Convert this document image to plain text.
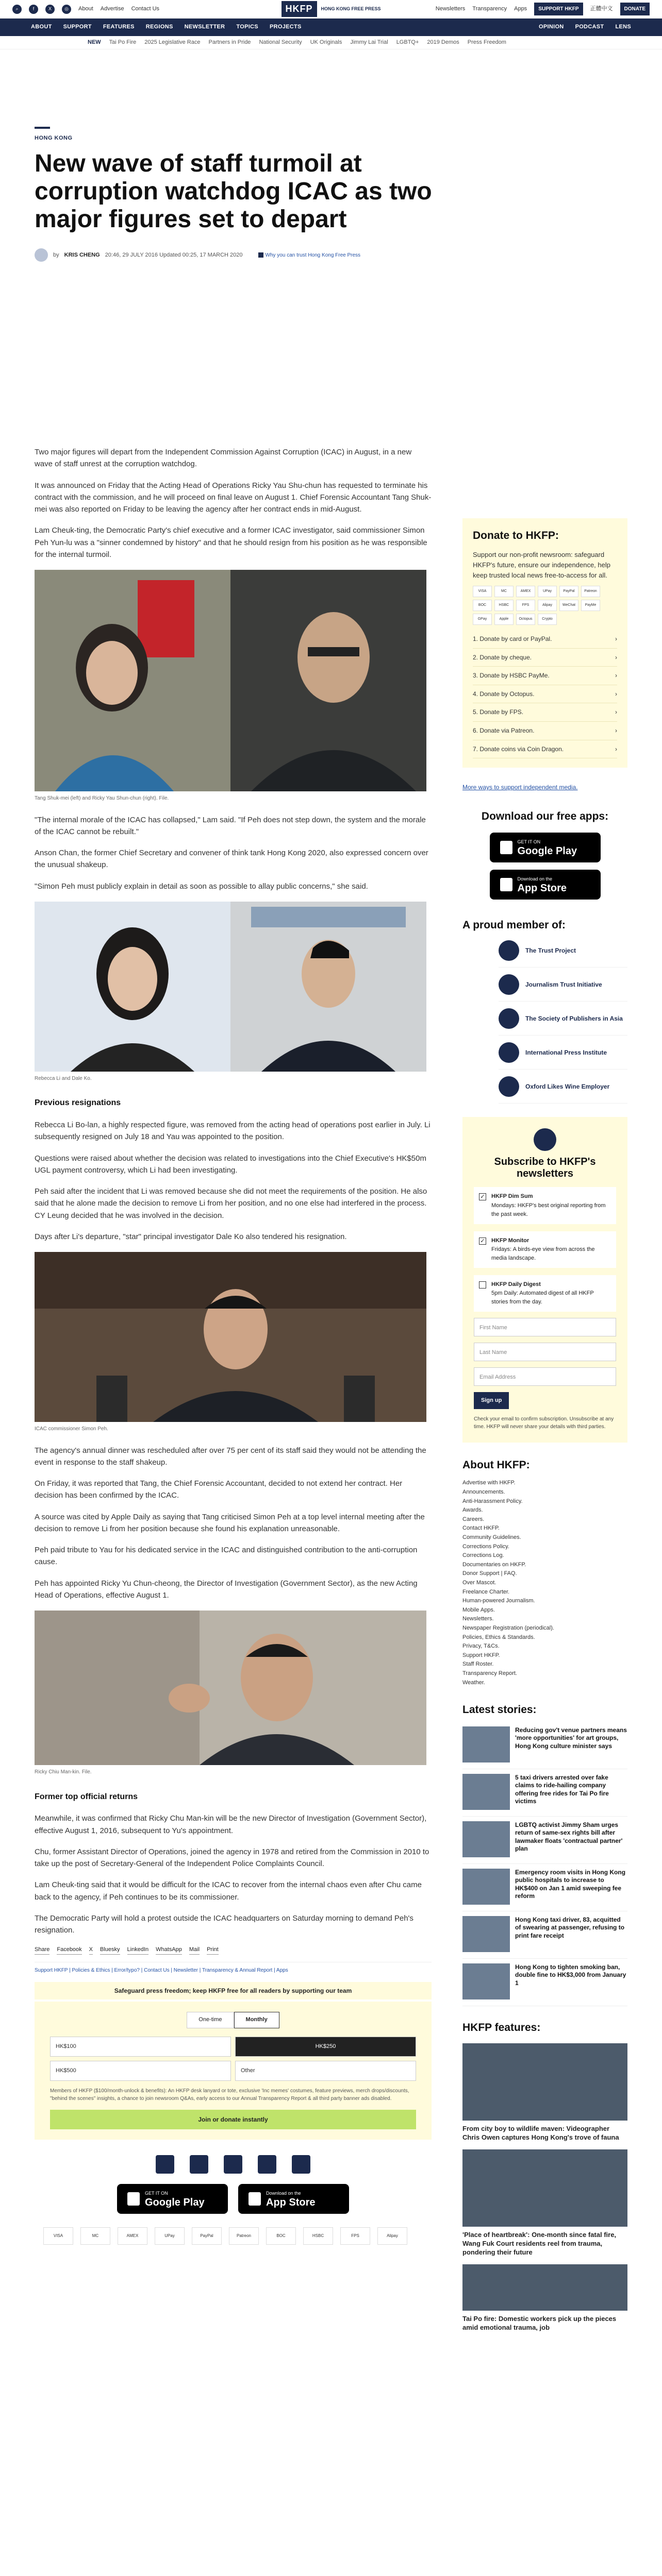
⌕	f	X	◎	About Advertise Contact Us	HKFP	HONG KONG FREE PRESS	Newsletters Transparency Apps	SUPPORT HKFP	正體中文	DONATE
ABOUT SUPPORT FEATURES REGIONS NEWSLETTER TOPICS PROJECTS	OPINION PODCAST LENS
NEW Tai Po Fire 2025 Legislative Race Partners in Pride National Security UK Originals Jimmy Lai Trial LGBTQ+ 2019 Demos Press Freedom
HONG KONG
New wave of staff turmoil at corruption watchdog ICAC as two major figures set to depart
by KRIS CHENG 20:46, 29 JULY 2016 Updated 00:25, 17 MARCH 2020	Why you can trust Hong Kong Free Press

Two major figures will depart from the Independent Commission Against Corruption (ICAC) in August, in a new wave of staff unrest at the corruption watchdog.

It was announced on Friday that the Acting Head of Operations Ricky Yau Shu-chun has requested to terminate his contract with the commission, and he will proceed on final leave on August 1. Chief Forensic Accountant Tang Shuk-mei was also reported on Friday to be leaving the agency after her contract ends in mid-August.

Lam Cheuk-ting, the Democratic Party's chief executive and a former ICAC investigator, said commissioner Simon Peh Yun-lu was a "sinner condemned by history" and that he should resign from his position as he was responsible for the internal turmoil.

Tang Shuk-mei (left) and Ricky Yau Shun-chun (right). File.

"The internal morale of the ICAC has collapsed," Lam said. "If Peh does not step down, the system and the morale of the ICAC cannot be rebuilt."

Anson Chan, the former Chief Secretary and convener of think tank Hong Kong 2020, also expressed concern over the unusual shakeup.

"Simon Peh must publicly explain in detail as soon as possible to allay public concerns," she said.

Rebecca Li and Dale Ko.
Previous resignations

Rebecca Li Bo-lan, a highly respected figure, was removed from the acting head of operations post earlier in July. Li subsequently resigned on July 18 and Yau was appointed to the position.

Questions were raised about whether the decision was related to investigations into the Chief Executive's HK$50m UGL payment controversy, which Li had been investigating.

Peh said after the incident that Li was removed because she did not meet the requirements of the position. He also said that he alone made the decision to remove Li from her position, and no one else had interfered in the process. CY Leung decided that he was involved in the decision.

Days after Li's departure, "star" principal investigator Dale Ko also tendered his resignation.

ICAC commissioner Simon Peh.

The agency's annual dinner was rescheduled after over 75 per cent of its staff said they would not be attending the event in response to the staff shakeup.

On Friday, it was reported that Tang, the Chief Forensic Accountant, decided to not extend her contract. Her decision has been confirmed by the ICAC.

A source was cited by Apple Daily as saying that Tang criticised Simon Peh at a top level internal meeting after the decision to remove Li from her position because she found his explanation unreasonable.

Peh paid tribute to Yau for his dedicated service in the ICAC and distinguished contribution to the anti-corruption cause.

Peh has appointed Ricky Yu Chun-cheong, the Director of Investigation (Government Sector), as the new Acting Head of Operations, effective August 1.

Ricky Chiu Man-kin. File.
Former top official returns

Meanwhile, it was confirmed that Ricky Chu Man-kin will be the new Director of Investigation (Government Sector), effective August 1, 2016, subsequent to Yu's appointment.

Chu, former Assistant Director of Operations, joined the agency in 1978 and retired from the Commission in 2010 to take up the post of Secretary-General of the Independent Police Complaints Council.

Lam Cheuk-ting said that it would be difficult for the ICAC to recover from the internal chaos even after Chu came back to the agency, if Peh continues to be its commissioner.

The Democratic Party will hold a protest outside the ICAC headquarters on Saturday morning to demand Peh's resignation.

Share Facebook X Bluesky LinkedIn WhatsApp Mail Print
Support HKFP | Policies & Ethics | Error/typo? | Contact Us | Newsletter | Transparency & Annual Report | Apps
Safeguard press freedom; keep HKFP free for all readers by supporting our team
One-time	Monthly
HK$100	HK$250
HK$500	Other
Members of HKFP ($100/month-unlock & benefits): An HKFP desk lanyard or tote, exclusive 'Inc memes' costumes, feature previews, merch drops/discounts, "behind the scenes" insights, a chance to join newsroom Q&As, early access to our Annual Transparency Report & all third party banner ads disabled.
Join or donate instantly
GET IT ON
Google Play
Download on the
App Store
VISA	MC	AMEX	UPay	PayPal	Patreon	BOC	HSBC	FPS	Alipay
Donate to HKFP:
Support our non-profit newsroom: safeguard HKFP's future, ensure our independence, help keep trusted local news free-to-access for all.
VISA	MC	AMEX	UPay	PayPal	Patreon
BOC	HSBC	FPS	Alipay	WeChat	PayMe
GPay	Apple	Octopus	Crypto
1. Donate by card or PayPal.	›
2. Donate by cheque.	›
3. Donate by HSBC PayMe.	›
4. Donate by Octopus.	›
5. Donate by FPS.	›
6. Donate via Patreon.	›
7. Donate coins via Coin Dragon.	›
More ways to support independent media.
Download our free apps:
GET IT ON
Google Play
Download on the
App Store
A proud member of:
The Trust Project
Journalism Trust Initiative
The Society of Publishers in Asia
International Press Institute
Oxford Likes Wine Employer
Subscribe to HKFP's newsletters
✓ HKFP Dim Sum
Mondays: HKFP's best original reporting from the past week.
✓ HKFP Monitor
Fridays: A birds-eye view from across the media landscape.
HKFP Daily Digest
5pm Daily: Automated digest of all HKFP stories from the day.
First Name
Last Name
Email Address
Sign up
Check your email to confirm subscription. Unsubscribe at any time. HKFP will never share your details with third parties.
About HKFP:
Advertise with HKFP.
Announcements.
Anti-Harassment Policy.
Awards.
Careers.
Contact HKFP.
Community Guidelines.
Corrections Policy.
Corrections Log.
Documentaries on HKFP.
Donor Support | FAQ.
Over Mascot.
Freelance Charter.
Human-powered Journalism.
Mobile Apps.
Newsletters.
Newspaper Registration (periodical).
Policies, Ethics & Standards.
Privacy, T&Cs.
Support HKFP.
Staff Roster.
Transparency Report.
Weather.
Latest stories:
Reducing gov't venue partners means 'more opportunities' for art groups, Hong Kong culture minister says
5 taxi drivers arrested over fake claims to ride-hailing company offering free rides for Tai Po fire victims
LGBTQ activist Jimmy Sham urges return of same-sex rights bill after lawmaker floats 'contractual partner' plan
Emergency room visits in Hong Kong public hospitals to increase to HK$400 on Jan 1 amid sweeping fee reform
Hong Kong taxi driver, 83, acquitted of swearing at passenger, refusing to print fare receipt
Hong Kong to tighten smoking ban, double fine to HK$3,000 from January 1
HKFP features:
From city boy to wildlife maven: Videographer Chris Owen captures Hong Kong's trove of fauna
'Place of heartbreak': One-month since fatal fire, Wang Fuk Court residents reel from trauma, pondering their future
Tai Po fire: Domestic workers pick up the pieces amid emotional trauma, job
